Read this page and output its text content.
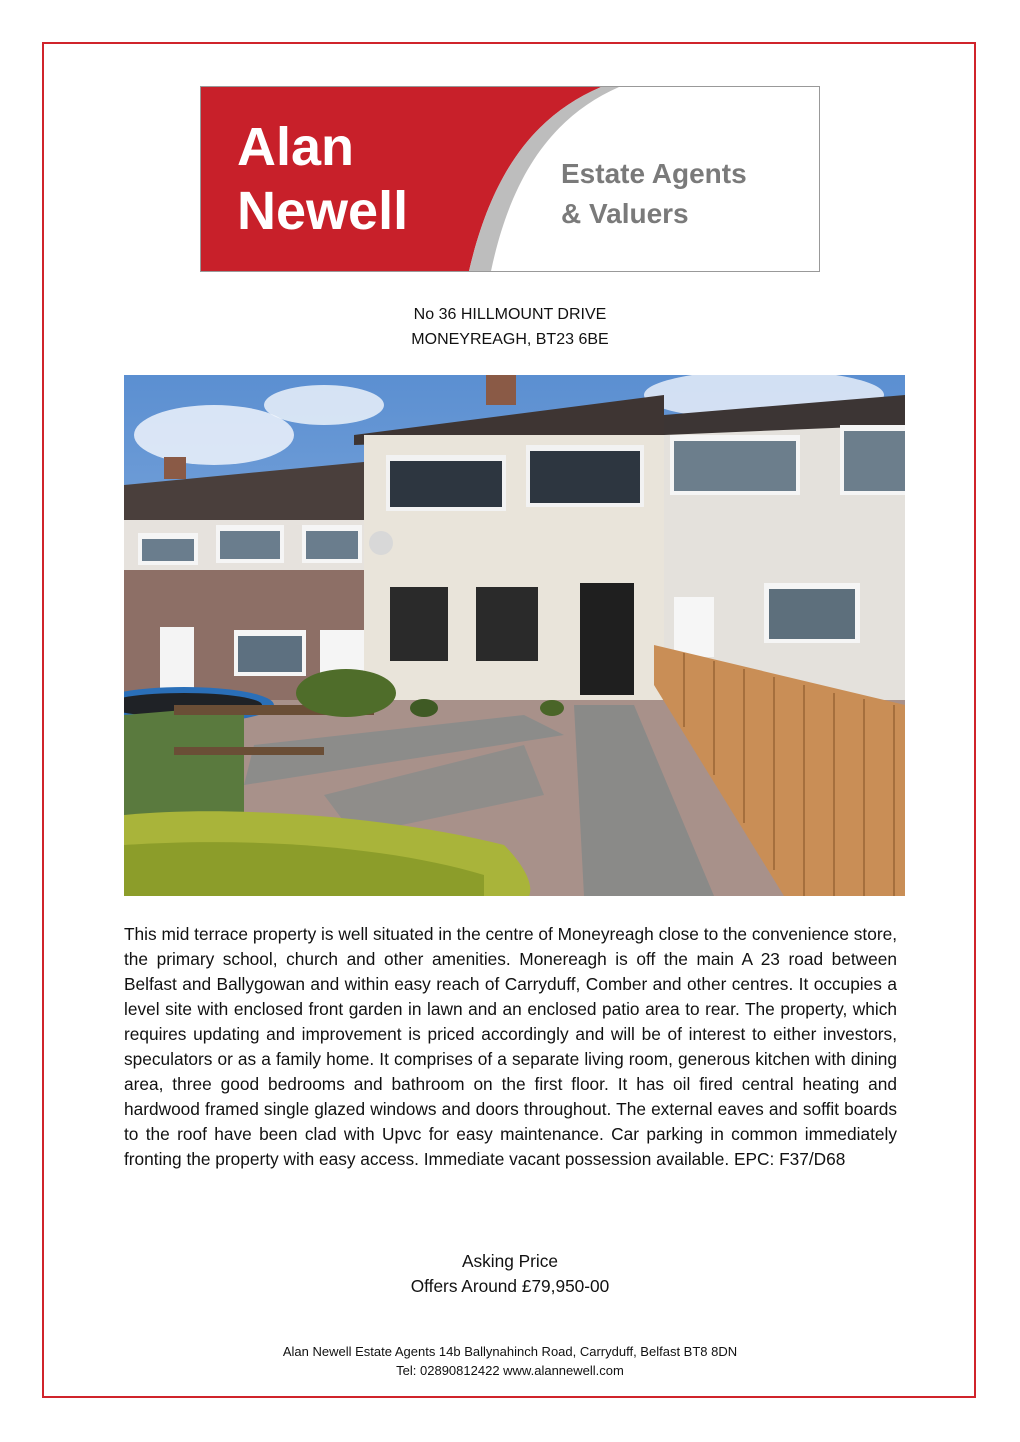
Alan
Newell
Estate Agents
& Valuers
No 36 HILLMOUNT DRIVE
MONEYREAGH, BT23 6BE
This mid terrace property is well situated in the centre of Moneyreagh close to the convenience store, the primary school, church and other amenities. Monereagh is off the main A 23 road between Belfast and Ballygowan and within easy reach of Carryduff, Comber and other centres. It occupies a level site with enclosed front garden in lawn and an enclosed patio area to rear. The property, which requires updating and improvement is priced accordingly and will be of interest to either investors, speculators or as a family home. It comprises of a separate living room, generous kitchen with dining area, three good bedrooms and bathroom on the first floor. It has oil fired central heating and hardwood framed single glazed windows and doors throughout. The external eaves and soffit boards to the roof have been clad with Upvc for easy maintenance. Car parking in common immediately fronting the property with easy access. Immediate vacant possession available. EPC: F37/D68
Asking Price
Offers Around £79,950-00
Alan Newell Estate Agents 14b Ballynahinch Road, Carryduff, Belfast BT8 8DN
Tel: 02890812422 www.alannewell.com
